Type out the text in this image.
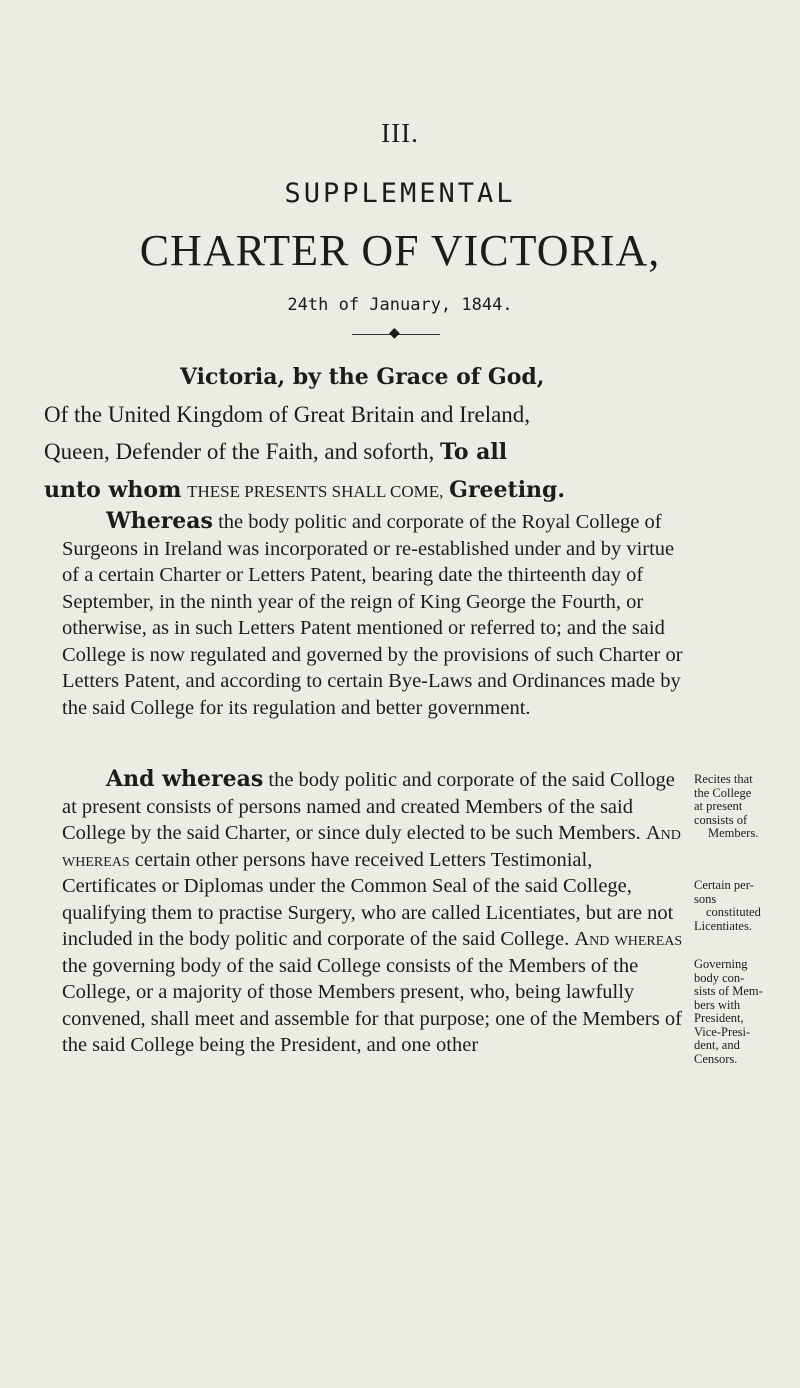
III.
SUPPLEMENTAL
CHARTER OF VICTORIA,
24th of January, 1844.
◆

Victoria, by the Grace of God,

Of the United Kingdom of Great Britain and Ireland,

Queen, Defender of the Faith, and soforth, To all

unto whom THESE PRESENTS SHALL COME, Greeting.

Whereas the body politic and corporate of the Royal College of Surgeons in Ireland was incorporated or re-established under and by virtue of a certain Charter or Letters Patent, bearing date the thirteenth day of September, in the ninth year of the reign of King George the Fourth, or otherwise, as in such Letters Patent mentioned or referred to; and the said College is now regulated and governed by the provisions of such Charter or Letters Patent, and according to certain Bye-Laws and Ordinances made by the said College for its regulation and better government.

And whereas the body politic and corporate of the said Colloge at present consists of persons named and created Members of the said College by the said Charter, or since duly elected to be such Members. And whereas certain other persons have received Letters Testimonial, Certificates or Diplomas under the Common Seal of the said College, qualifying them to practise Surgery, who are called Licentiates, but are not included in the body politic and corporate of the said College. And whereas the governing body of the said College consists of the Members of the College, or a majority of those Members present, who, being lawfully convened, shall meet and assemble for that purpose; one of the Members of the said College being the President, and one other

Recites that
the College
at present
consists of
Members.
Certain per-
sons
constituted
Licentiates.
Governing
body con-
sists of Mem-
bers with
President,
Vice-Presi-
dent, and
Censors.
